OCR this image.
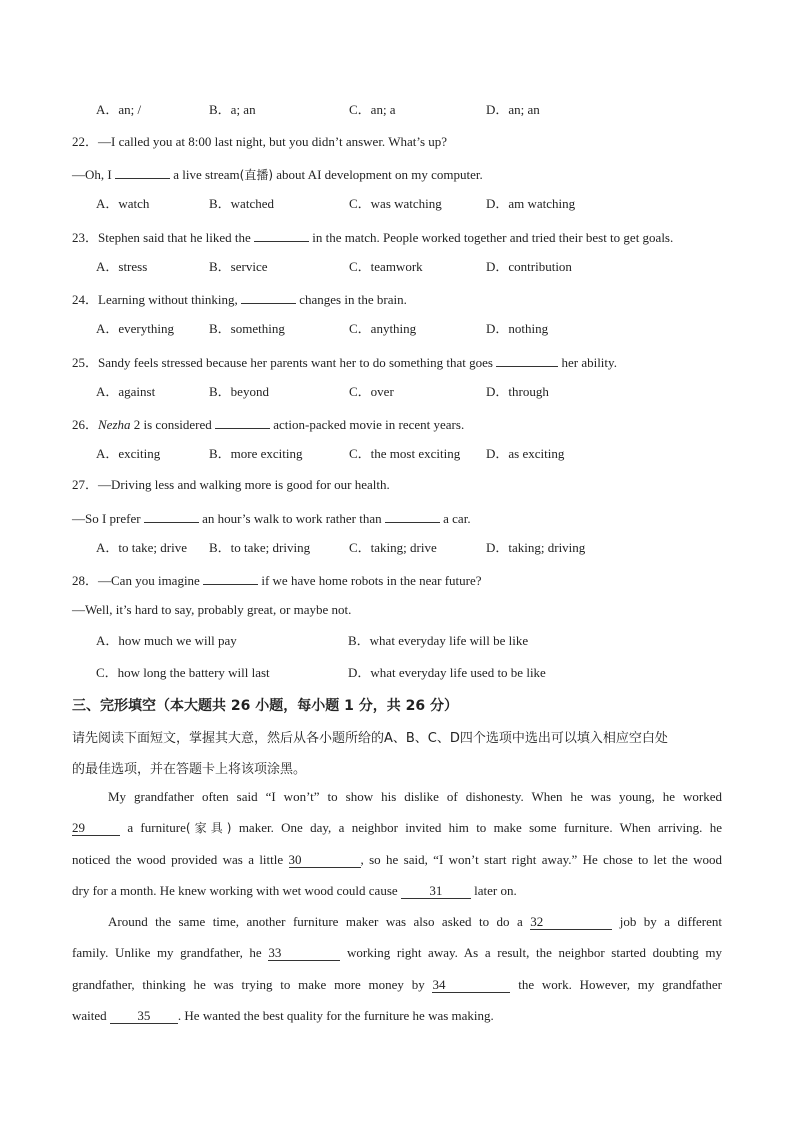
A．an; /	B．a; an	C．an; a	D．an; an
22．—I called you at 8:00 last night, but you didn’t answer. What’s up?
—Oh, I	a live stream(直播) about AI development on my computer.
A．watch	B．watched	C．was watching	D．am watching
23．Stephen said that he liked the	in the match. People worked together and tried their best to get goals.
A．stress	B．service	C．teamwork	D．contribution
24．Learning without thinking,	changes in the brain.
A．everything	B．something	C．anything	D．nothing
25．Sandy feels stressed because her parents want her to do something that goes	her ability.
A．against	B．beyond	C．over	D．through
26．Nezha 2 is considered	action-packed movie in recent years.
A．exciting	B．more exciting	C．the most exciting D．as exciting
27．—Driving less and walking more is good for our health.
—So I prefer	an hour’s walk to work rather than	a car.
A．to take; drive B．to take; driving	C．taking; drive	D．taking; driving
28．—Can you imagine	if we have home robots in the near future?
—Well, it’s hard to say, probably great, or maybe not.
A．how much we will pay	B．what everyday life will be like
C．how long the battery will last	D．what everyday life used to be like
三、完形填空（本大题共 26 小题，每小题 1 分，共 26 分）
请先阅读下面短文，掌握其大意，然后从各小题所给的A、B、C、D四个选项中选出可以填入相应空白处
的最佳选项，并在答题卡上将该项涂黑。
My grandfather often said “I won’t” to show his dislike of dishonesty. When he was young, he worked
29	a furniture(家具) maker. One day, a neighbor invited him to make some furniture. When arriving. he
noticed the wood provided was a little 30	, so he said, “I won’t start right away.” He chose to let the wood
dry for a month. He knew working with wet wood could cause 31 later on.
Around the same time, another furniture maker was also asked to do a 32	job by a different
family. Unlike my grandfather, he 33	working right away. As a result, the neighbor started doubting my
grandfather, thinking he was trying to make more money by 34	the work. However, my grandfather
waited 35 . He wanted the best quality for the furniture he was making.
